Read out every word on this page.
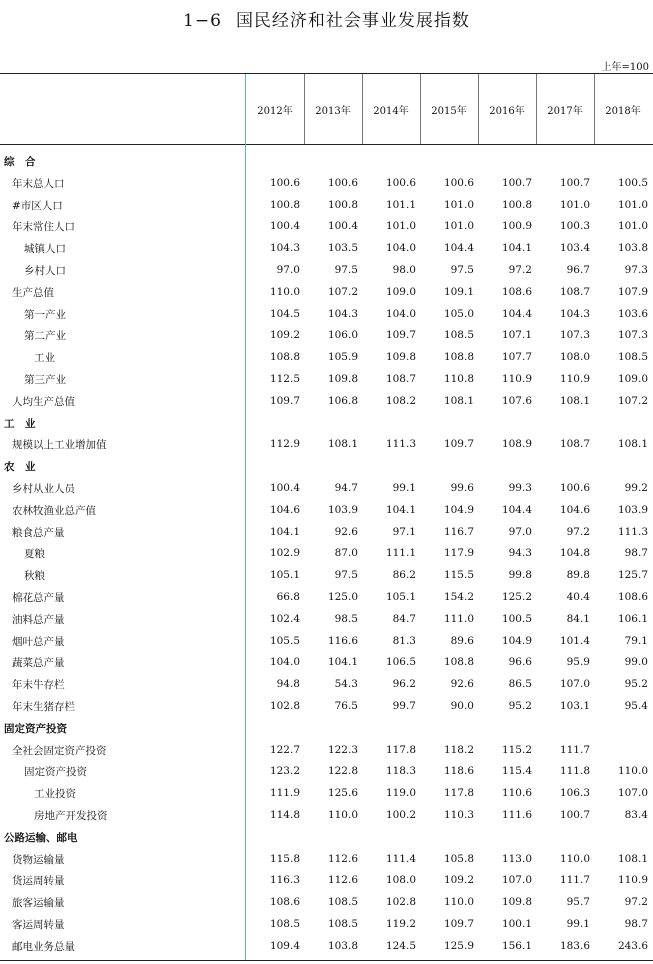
1−6 国民经济和社会事业发展指数
上年=100
2012年	2013年	2014年	2015年	2016年	2017年	2018年
综　合
年末总人口	100.6	100.6	100.6	100.6	100.7	100.7	100.5
#市区人口	100.8	100.8	101.1	101.0	100.8	101.0	101.0
年末常住人口	100.4	100.4	101.0	101.0	100.9	100.3	101.0
城镇人口	104.3	103.5	104.0	104.4	104.1	103.4	103.8
乡村人口	97.0	97.5	98.0	97.5	97.2	96.7	97.3
生产总值	110.0	107.2	109.0	109.1	108.6	108.7	107.9
第一产业	104.5	104.3	104.0	105.0	104.4	104.3	103.6
第二产业	109.2	106.0	109.7	108.5	107.1	107.3	107.3
工业	108.8	105.9	109.8	108.8	107.7	108.0	108.5
第三产业	112.5	109.8	108.7	110.8	110.9	110.9	109.0
人均生产总值	109.7	106.8	108.2	108.1	107.6	108.1	107.2
工　业
规模以上工业增加值	112.9	108.1	111.3	109.7	108.9	108.7	108.1
农　业
乡村从业人员	100.4	94.7	99.1	99.6	99.3	100.6	99.2
农林牧渔业总产值	104.6	103.9	104.1	104.9	104.4	104.6	103.9
粮食总产量	104.1	92.6	97.1	116.7	97.0	97.2	111.3
夏粮	102.9	87.0	111.1	117.9	94.3	104.8	98.7
秋粮	105.1	97.5	86.2	115.5	99.8	89.8	125.7
棉花总产量	66.8	125.0	105.1	154.2	125.2	40.4	108.6
油料总产量	102.4	98.5	84.7	111.0	100.5	84.1	106.1
烟叶总产量	105.5	116.6	81.3	89.6	104.9	101.4	79.1
蔬菜总产量	104.0	104.1	106.5	108.8	96.6	95.9	99.0
年末牛存栏	94.8	54.3	96.2	92.6	86.5	107.0	95.2
年末生猪存栏	102.8	76.5	99.7	90.0	95.2	103.1	95.4
固定资产投资
全社会固定资产投资	122.7	122.3	117.8	118.2	115.2	111.7
固定资产投资	123.2	122.8	118.3	118.6	115.4	111.8	110.0
工业投资	111.9	125.6	119.0	117.8	110.6	106.3	107.0
房地产开发投资	114.8	110.0	100.2	110.3	111.6	100.7	83.4
公路运输、邮电
货物运输量	115.8	112.6	111.4	105.8	113.0	110.0	108.1
货运周转量	116.3	112.6	108.0	109.2	107.0	111.7	110.9
旅客运输量	108.6	108.5	102.8	110.0	109.8	95.7	97.2
客运周转量	108.5	108.5	119.2	109.7	100.1	99.1	98.7
邮电业务总量	109.4	103.8	124.5	125.9	156.1	183.6	243.6
